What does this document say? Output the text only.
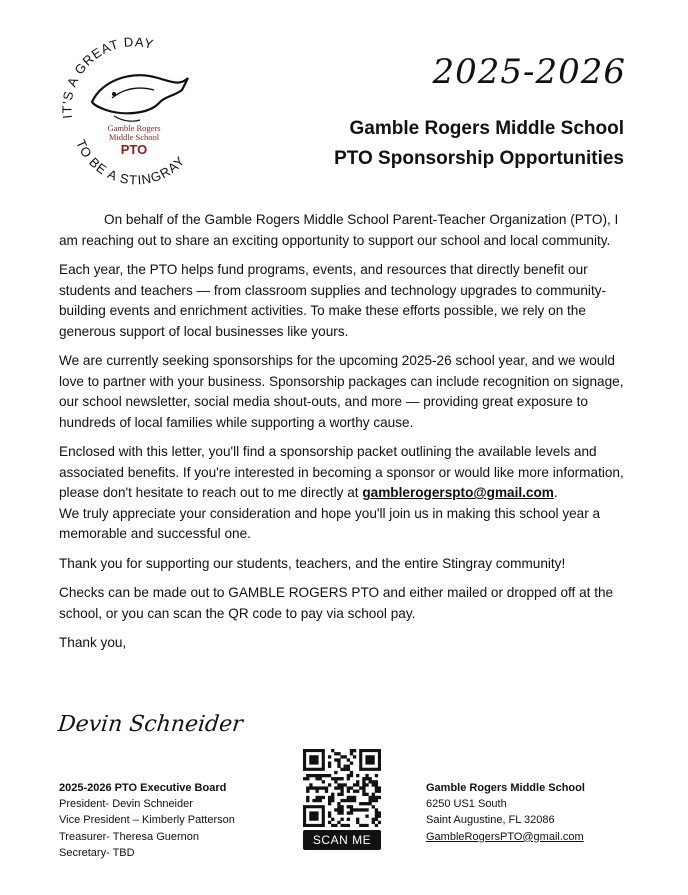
IT'S A GREAT DAY
TO BE A STINGRAY
Gamble Rogers
Middle School
PTO
2025-2026
Gamble Rogers Middle School
PTO Sponsorship Opportunities

On behalf of the Gamble Rogers Middle School Parent-Teacher Organization (PTO), I am reaching out to share an exciting opportunity to support our school and local community.

Each year, the PTO helps fund programs, events, and resources that directly benefit our students and teachers — from classroom supplies and technology upgrades to community-building events and enrichment activities. To make these efforts possible, we rely on the generous support of local businesses like yours.

We are currently seeking sponsorships for the upcoming 2025-26 school year, and we would love to partner with your business. Sponsorship packages can include recognition on signage, our school newsletter, social media shout-outs, and more — providing great exposure to hundreds of local families while supporting a worthy cause.

Enclosed with this letter, you'll find a sponsorship packet outlining the available levels and associated benefits. If you're interested in becoming a sponsor or would like more information, please don't hesitate to reach out to me directly at gamblerogerspto@gmail.com.

We truly appreciate your consideration and hope you'll join us in making this school year a memorable and successful one.

Thank you for supporting our students, teachers, and the entire Stingray community!

Checks can be made out to GAMBLE ROGERS PTO and either mailed or dropped off at the school, or you can scan the QR code to pay via school pay.

Thank you,

Devin Schneider
2025-2026 PTO Executive Board
President- Devin Schneider
Vice President – Kimberly Patterson
Treasurer- Theresa Guernon
Secretary- TBD
SCAN ME
Gamble Rogers Middle School
6250 US1 South
Saint Augustine, FL 32086
GambleRogersPTO@gmail.com
